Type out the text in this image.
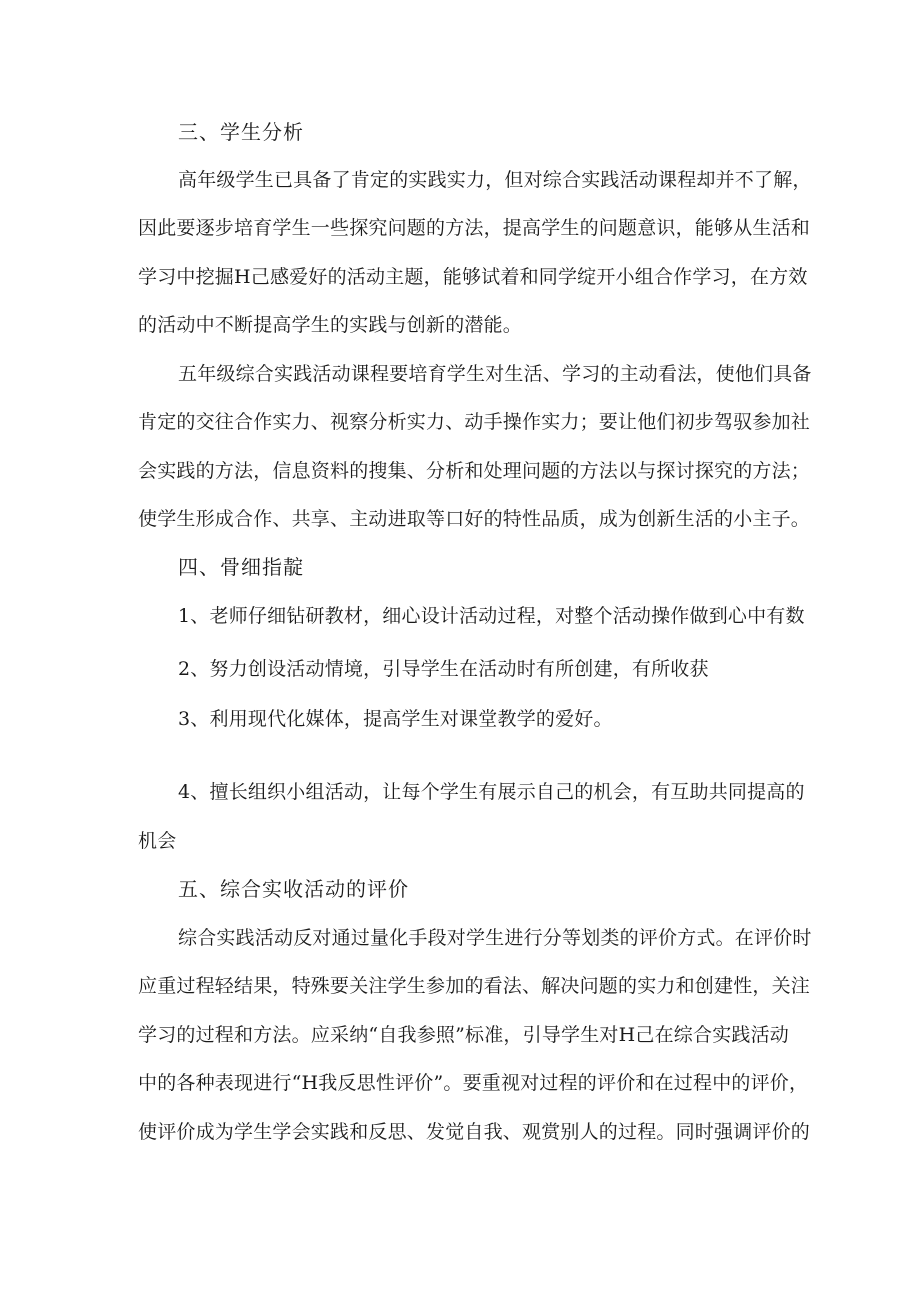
三、学生分析
高年级学生已具备了肯定的实践实力，但对综合实践活动课程却并不了解，
因此要逐步培育学生一些探究问题的方法，提高学生的问题意识，能够从生活和
学习中挖掘H己感爱好的活动主题，能够试着和同学绽开小组合作学习，在方效
的活动中不断提高学生的实践与创新的潜能。
五年级综合实践活动课程要培育学生对生活、学习的主动看法，使他们具备
肯定的交往合作实力、视察分析实力、动手操作实力；要让他们初步驾驭参加社
会实践的方法，信息资料的搜集、分析和处理问题的方法以与探讨探究的方法；
使学生形成合作、共享、主动进取等口好的特性品质，成为创新生活的小主子。
四、骨细指靛
1、老师仔细钻研教材，细心设计活动过程，对整个活动操作做到心中有数
2、努力创设活动情境，引导学生在活动时有所创建，有所收获
3、利用现代化媒体，提高学生对课堂教学的爱好。
4、擅长组织小组活动，让每个学生有展示自己的机会，有互助共同提高的
机会
五、综合实收活动的评价
综合实践活动反对通过量化手段对学生进行分等划类的评价方式。在评价时
应重过程轻结果，特殊要关注学生参加的看法、解决问题的实力和创建性，关注
学习的过程和方法。应采纳“自我参照”标准，引导学生对H己在综合实践活动
中的各种表现进行“H我反思性评价”。要重视对过程的评价和在过程中的评价，
使评价成为学生学会实践和反思、发觉自我、观赏别人的过程。同时强调评价的
